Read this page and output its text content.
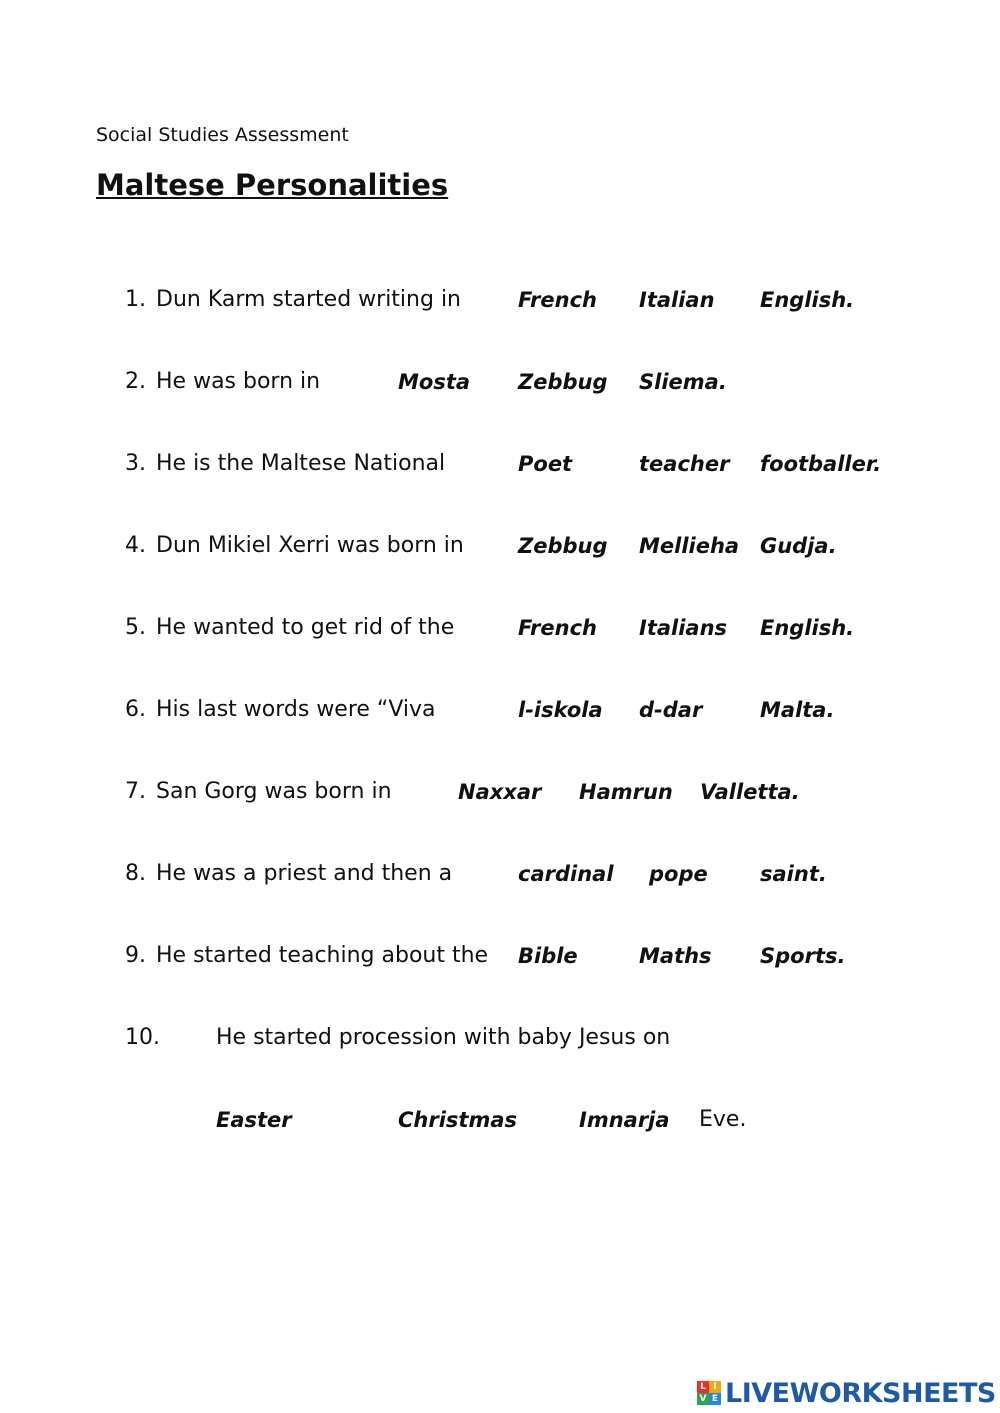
Social Studies Assessment
Maltese Personalities
1. Dun Karm started writing in	French Italian English.
2. He was born in	Mosta Zebbug Sliema.
3. He is the Maltese National	Poet	teacher footballer.
4. Dun Mikiel Xerri was born in	Zebbug Mellieha Gudja.
5. He wanted to get rid of the	French Italians English.
6. His last words were “Viva	l-iskola d-dar	Malta.
7. San Gorg was born in	Naxxar Hamrun Valletta.
8. He was a priest and then a	cardinal pope saint.
9. He started teaching about the Bible	Maths Sports.
10.	He started procession with baby Jesus on
Easter	Christmas	Imnarja Eve.
L I
V E LIVEWORKSHEETS
